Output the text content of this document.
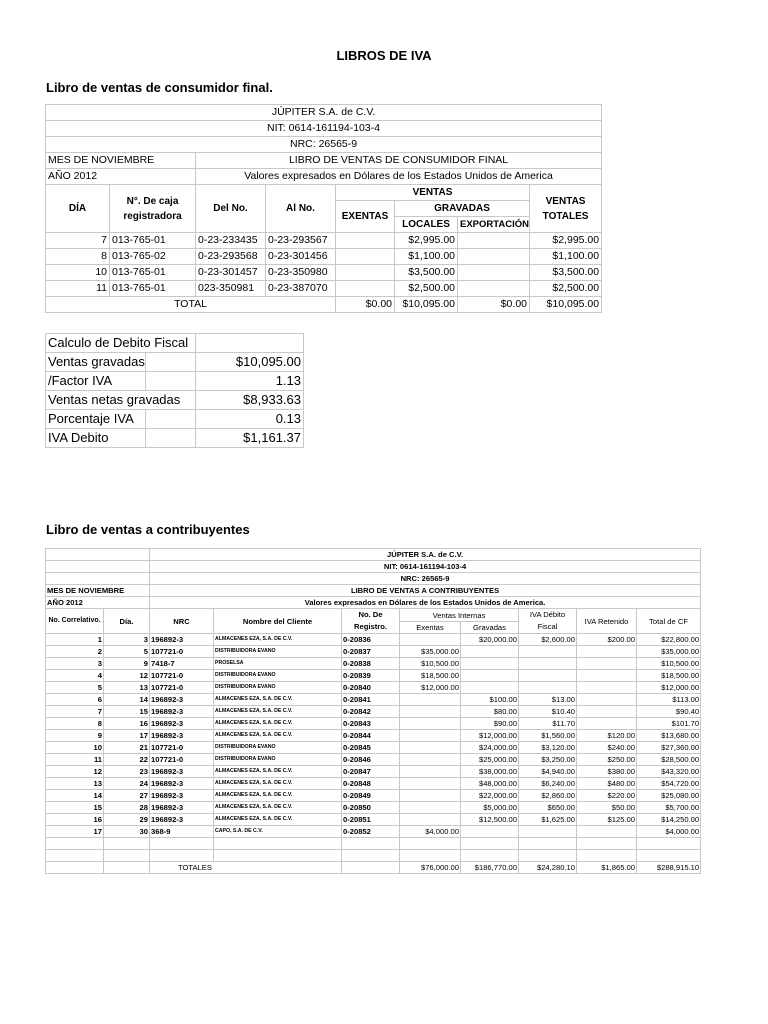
LIBROS DE IVA
Libro de ventas de consumidor final.
JÚPITER S.A. de C.V.							
NIT: 0614-161194-103-4							
NRC: 26565-9							
MES DE NOVIEMBRE		LIBRO DE VENTAS DE CONSUMIDOR FINAL					
AÑO 2012		Valores expresados en Dólares de los Estados Unidos de America					
DÍA	N°. De caja registradora	Del No.	Al No.	VENTAS			VENTAS TOTALES
				EXENTAS	GRAVADAS		
					LOCALES	EXPORTACIÓN	
7	013-765-01	0-23-233435	0-23-293567		$2,995.00		$2,995.00
8	013-765-02	0-23-293568	0-23-301456		$1,100.00		$1,100.00
10	013-765-01	0-23-301457	0-23-350980		$3,500.00		$3,500.00
11	013-765-01	023-350981	0-23-387070		$2,500.00		$2,500.00
TOTAL				$0.00	$10,095.00	$0.00	$10,095.00
Calculo de Debito Fiscal		
Ventas gravadas		$10,095.00
/Factor IVA		1.13
Ventas netas gravadas		$8,933.63
Porcentaje IVA		0.13
IVA Debito		$1,161.37
Libro de ventas a contribuyentes
		JÚPITER S.A. de C.V.							
		NIT: 0614-161194-103-4							
		NRC: 26565-9							
MES DE NOVIEMBRE		LIBRO DE VENTAS A CONTRIBUYENTES							
AÑO 2012		Valores expresados en Dólares de los Estados Unidos de America.							
No. Correlativo.	Día.	NRC	Nombre del Cliente	No. De Registro.	Ventas Internas		IVA Débito Fiscal	IVA Retenido	Total de CF

					Exentas	Gravadas			
1	3	196892-3	ALMACENES EZA, S.A. DE C.V.	0-20836		$20,000.00	$2,600.00	$200.00	$22,800.00
2	5	107721-0	DISTRIBUIDORA EVANO	0-20837	$35,000.00				$35,000.00
3	9	7418-7	PROSELSA	0-20838	$10,500.00				$10,500.00
4	12	107721-0	DISTRIBUIDORA EVANO	0-20839	$18,500.00				$18,500.00
5	13	107721-0	DISTRIBUIDORA EVANO	0-20840	$12,000.00				$12,000.00
6	14	196892-3	ALMACENES EZA, S.A. DE C.V.	0-20841		$100.00	$13.00		$113.00
7	15	196892-3	ALMACENES EZA, S.A. DE C.V.	0-20842		$80.00	$10.40		$90.40
8	16	196892-3	ALMACENES EZA, S.A. DE C.V.	0-20843		$90.00	$11.70		$101.70
9	17	196892-3	ALMACENES EZA, S.A. DE C.V.	0-20844		$12,000.00	$1,560.00	$120.00	$13,680.00
10	21	107721-0	DISTRIBUIDORA EVANO	0-20845		$24,000.00	$3,120.00	$240.00	$27,360.00
11	22	107721-0	DISTRIBUIDORA EVANO	0-20846		$25,000.00	$3,250.00	$250.00	$28,500.00
12	23	196892-3	ALMACENES EZA, S.A. DE C.V.	0-20847		$38,000.00	$4,940.00	$380.00	$43,320.00
13	24	196892-3	ALMACENES EZA, S.A. DE C.V.	0-20848		$48,000.00	$6,240.00	$480.00	$54,720.00
14	27	196892-3	ALMACENES EZA, S.A. DE C.V.	0-20849		$22,000.00	$2,860.00	$220.00	$25,080.00
15	28	196892-3	ALMACENES EZA, S.A. DE C.V.	0-20850		$5,000.00	$650.00	$50.00	$5,700.00
16	29	196892-3	ALMACENES EZA, S.A. DE C.V.	0-20851		$12,500.00	$1,625.00	$125.00	$14,250.00
17	30	368-9	CAPO, S.A. DE C.V.	0-20852	$4,000.00				$4,000.00

		TOTALES			$76,000.00	$186,770.00	$24,280.10	$1,865.00	$288,915.10
